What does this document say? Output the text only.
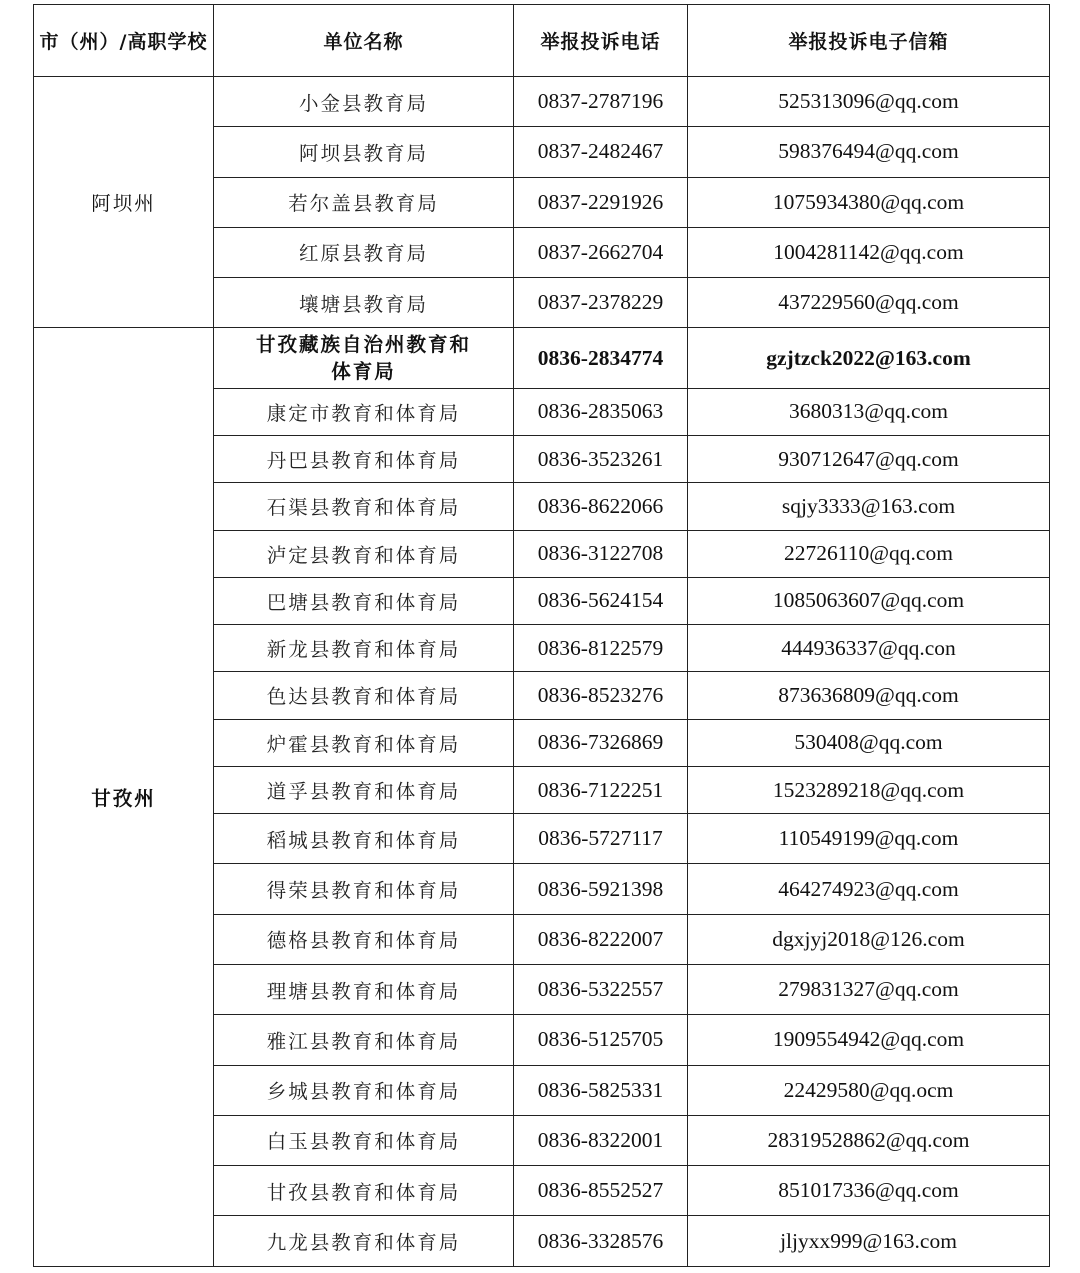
市（州）/高职学校	单位名称	举报投诉电话	举报投诉电子信箱
阿坝州	小金县教育局	0837-2787196	525313096@qq.com
	阿坝县教育局	0837-2482467	598376494@qq.com
	若尔盖县教育局	0837-2291926	1075934380@qq.com
	红原县教育局	0837-2662704	1004281142@qq.com
	壤塘县教育局	0837-2378229	437229560@qq.com
甘孜州	甘孜藏族自治州教育和体育局	0836-2834774	gzjtzck2022@163.com
	康定市教育和体育局	0836-2835063	3680313@qq.com
	丹巴县教育和体育局	0836-3523261	930712647@qq.com
	石渠县教育和体育局	0836-8622066	sqjy3333@163.com
	泸定县教育和体育局	0836-3122708	22726110@qq.com
	巴塘县教育和体育局	0836-5624154	1085063607@qq.com
	新龙县教育和体育局	0836-8122579	444936337@qq.con
	色达县教育和体育局	0836-8523276	873636809@qq.com
	炉霍县教育和体育局	0836-7326869	530408@qq.com
	道孚县教育和体育局	0836-7122251	1523289218@qq.com
	稻城县教育和体育局	0836-5727117	110549199@qq.com
	得荣县教育和体育局	0836-5921398	464274923@qq.com
	德格县教育和体育局	0836-8222007	dgxjyj2018@126.com
	理塘县教育和体育局	0836-5322557	279831327@qq.com
	雅江县教育和体育局	0836-5125705	1909554942@qq.com
	乡城县教育和体育局	0836-5825331	22429580@qq.ocm
	白玉县教育和体育局	0836-8322001	28319528862@qq.com
	甘孜县教育和体育局	0836-8552527	851017336@qq.com
	九龙县教育和体育局	0836-3328576	jljyxx999@163.com
